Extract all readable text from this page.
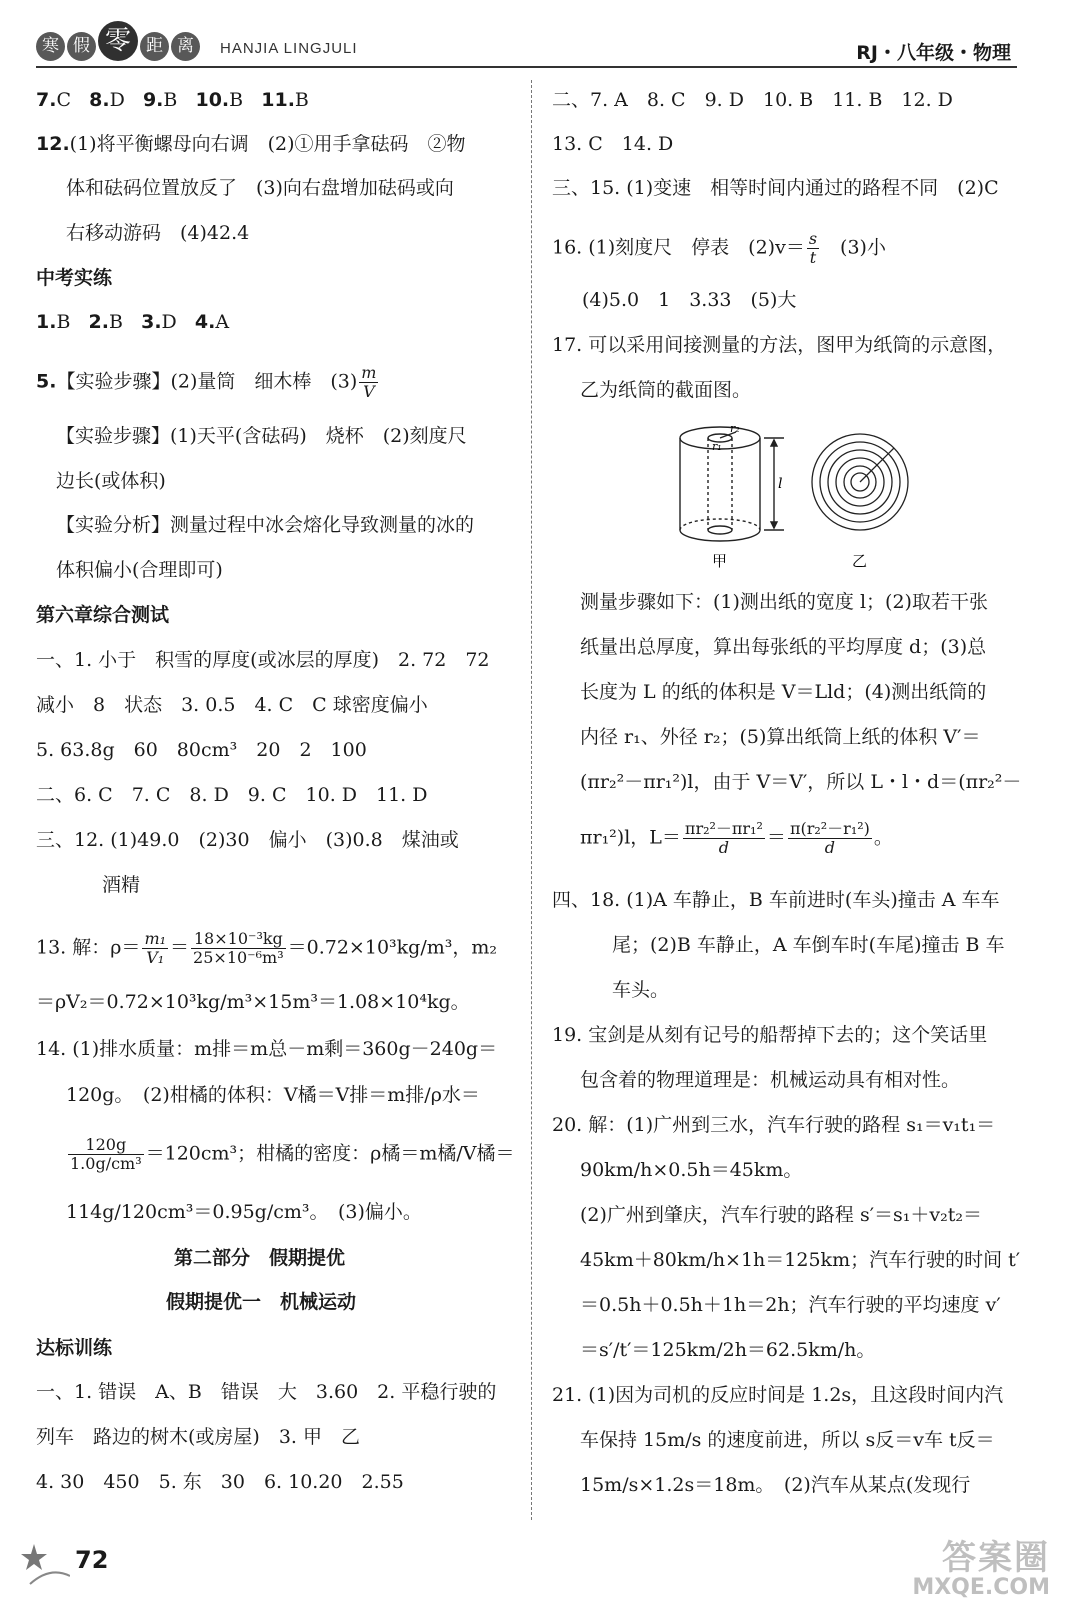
寒 假 零 距 离	HANJIA LINGJULI	RJ・八年级・物理
7.C 8.D 9.B 10.B 11.B
12.(1)将平衡螺母向右调　(2)①用手拿砝码　②物
体和砝码位置放反了　(3)向右盘增加砝码或向
右移动游码　(4)42.4
中考实练
1.B 2.B 3.D 4.A
5.【实验步骤】(2)量筒　细木棒　$(3) \frac{m}{V}$
【实验步骤】(1)天平(含砝码)　烧杯　(2)刻度尺
边长(或体积)
【实验分析】测量过程中冰会熔化导致测量的冰的
体积偏小(合理即可)
第六章综合测试
一、1. 小于　积雪的厚度(或冰层的厚度)　2. 72　72
减小　8　状态　3. 0.5　4. C　C 球密度偏小
5. 63.8g　60　80cm³　20　2　100
二、6. C　7. C　8. D　9. C　10. D　11. D
三、12. (1)49.0　(2)30　偏小　(3)0.8　煤油或
酒精
13. 解：$\rho= \frac{\text{m₁}}{\text{V₁}} = \frac{\text{18×10⁻³kg}}{\text{25×10⁻⁶m³}} =0.72\times 10^3kg/m^3$，m₂
＝ρV₂＝0.72×10³kg/m³×15m³＝1.08×10⁴kg。
14. (1)排水质量：m排＝m总－m剩＝360g－240g＝
120g。　(2)柑橘的体积：V橘＝V排＝m排/ρ水＝
$\frac{120g}{\text{1.0g/cm³}} =120cm^3$；柑橘的密度：ρ橘＝m橘/V橘＝
114g/120cm³＝0.95g/cm³。　(3)偏小。
第二部分　假期提优
假期提优一　机械运动
达标训练
一、1. 错误　A、B　错误　大　3.60　2. 平稳行驶的
列车　路边的树木(或房屋)　3. 甲　乙
4. 30　450　5. 东　30　6. 10.20　2.55
二、7. A　8. C　9. D　10. B　11. B　12. D
13. C　14. D
三、15. (1)变速　相等时间内通过的路程不同　(2)C
16. (1)刻度尺　停表　$(2)v= \frac{s}{t}$ 　(3)小
(4)5.0　1　3.33　(5)大
17. 可以采用间接测量的方法，图甲为纸筒的示意图，
乙为纸筒的截面图。
测量步骤如下：(1)测出纸的宽度 l；(2)取若干张
纸量出总厚度，算出每张纸的平均厚度 d；(3)总
长度为 L 的纸的体积是 V＝Lld；(4)测出纸筒的
内径 r₁、外径 r₂；(5)算出纸筒上纸的体积 V′＝
(πr₂²－πr₁²)l，由于 V＝V′，所以 L・l・d＝(πr₂²－
πr₁²)l，$L= \frac{\text{πr₂²－πr₁²}}{d} = \frac{\text{π(r₂²－r₁²)}}{d}$ 。
四、18. (1)A 车静止，B 车前进时(车头)撞击 A 车车
尾；(2)B 车静止，A 车倒车时(车尾)撞击 B 车
车头。
19. 宝剑是从刻有记号的船帮掉下去的；这个笑话里
包含着的物理道理是：机械运动具有相对性。
20. 解：(1)广州到三水，汽车行驶的路程 s₁＝v₁t₁＝
90km/h×0.5h＝45km。
(2)广州到肇庆，汽车行驶的路程 s′＝s₁＋v₂t₂＝
45km＋80km/h×1h＝125km；汽车行驶的时间 t′
＝0.5h＋0.5h＋1h＝2h；汽车行驶的平均速度 v′
＝s′/t′＝125km/2h＝62.5km/h。
21. (1)因为司机的反应时间是 1.2s，且这段时间内汽
车保持 15m/s 的速度前进，所以 s反＝v车 t反＝
15m/s×1.2s＝18m。　(2)汽车从某点(发现行
r₂
r₁
l
甲	乙
72	答案圈
MXQE.COM
